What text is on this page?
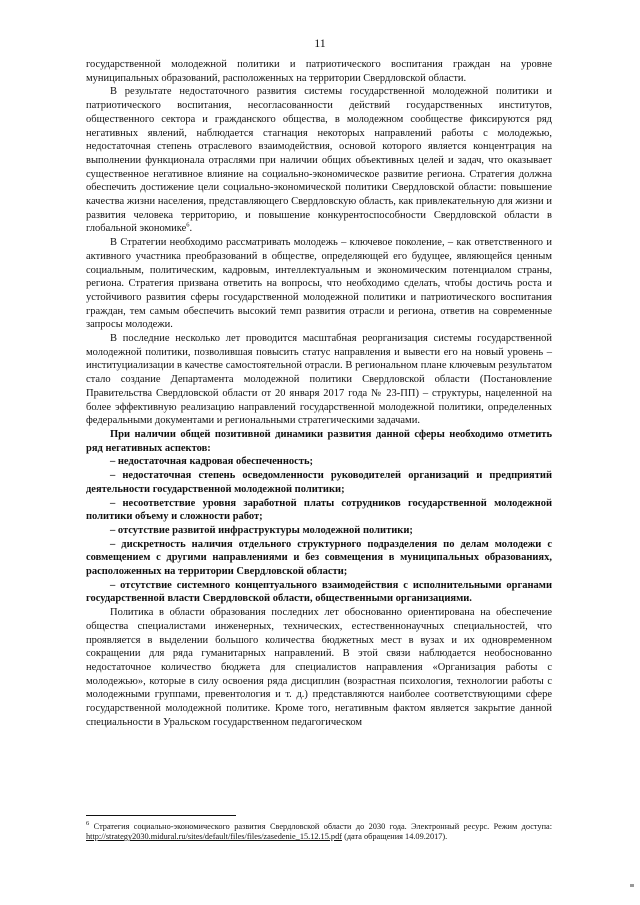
11

государственной молодежной политики и патриотического воспитания граждан на уровне муниципальных образований, расположенных на территории Свердловской области.

В результате недостаточного развития системы государственной молодежной политики и патриотического воспитания, несогласованности действий государственных институтов, общественного сектора и гражданского общества, в молодежном сообществе фиксируются ряд негативных явлений, наблюдается стагнация некоторых направлений работы с молодежью, недостаточная степень отраслевого взаимодействия, основой которого является концентрация на выполнении функционала отраслями при наличии общих объективных целей и задач, что оказывает существенное негативное влияние на социально-экономическое развитие региона. Стратегия должна обеспечить достижение цели социально-экономической политики Свердловской области: повышение качества жизни населения, представляющего Свердловскую область, как привлекательную для жизни и развития человека территорию, и повышение конкурентоспособности Свердловской области в глобальной экономике$^6$.

В Стратегии необходимо рассматривать молодежь – ключевое поколение, – как ответственного и активного участника преобразований в обществе, определяющей его будущее, являющейся ценным социальным, политическим, кадровым, интеллектуальным и экономическим потенциалом страны, региона. Стратегия призвана ответить на вопросы, что необходимо сделать, чтобы достичь роста и устойчивого развития сферы государственной молодежной политики и патриотического воспитания граждан, тем самым обеспечить высокий темп развития отрасли и региона, ответив на современные запросы молодежи.

В последние несколько лет проводится масштабная реорганизация системы государственной молодежной политики, позволившая повысить статус направления и вывести его на новый уровень – институциализации в качестве самостоятельной отрасли. В региональном плане ключевым результатом стало создание Департамента молодежной политики Свердловской области (Постановление Правительства Свердловской области от 20 января 2017 года № 23-ПП) – структуры, нацеленной на более эффективную реализацию направлений государственной молодежной политики, определенных федеральными документами и региональными стратегическими задачами.

При наличии общей позитивной динамики развития данной сферы необходимо отметить ряд негативных аспектов:

– недостаточная кадровая обеспеченность;

– недостаточная степень осведомленности руководителей организаций и предприятий деятельности государственной молодежной политики;

– несоответствие уровня заработной платы сотрудников государственной молодежной политики объему и сложности работ;

– отсутствие развитой инфраструктуры молодежной политики;

– дискретность наличия отдельного структурного подразделения по делам молодежи с совмещением с другими направлениями и без совмещения в муниципальных образованиях, расположенных на территории Свердловской области;

– отсутствие системного концептуального взаимодействия с исполнительными органами государственной власти Свердловской области, общественными организациями.

Политика в области образования последних лет обоснованно ориентирована на обеспечение общества специалистами инженерных, технических, естественнонаучных специальностей, что проявляется в выделении большого количества бюджетных мест в вузах и их одновременном сокращении для ряда гуманитарных направлений. В этой связи наблюдается необоснованно недостаточное количество бюджета для специалистов направления «Организация работы с молодежью», которые в силу освоения ряда дисциплин (возрастная психология, технологии работы с молодежными группами, превентология и т. д.) представляются наиболее соответствующими сфере государственной молодежной политике. Кроме того, негативным фактом является закрытие данной специальности в Уральском государственном педагогическом

$^6$ Стратегия социально-экономического развития Свердловской области до 2030 года. Электронный ресурс. Режим доступа: http://strategy2030.midural.ru/sites/default/files/files/zasedenie_15.12.15.pdf (дата обращения 14.09.2017).
